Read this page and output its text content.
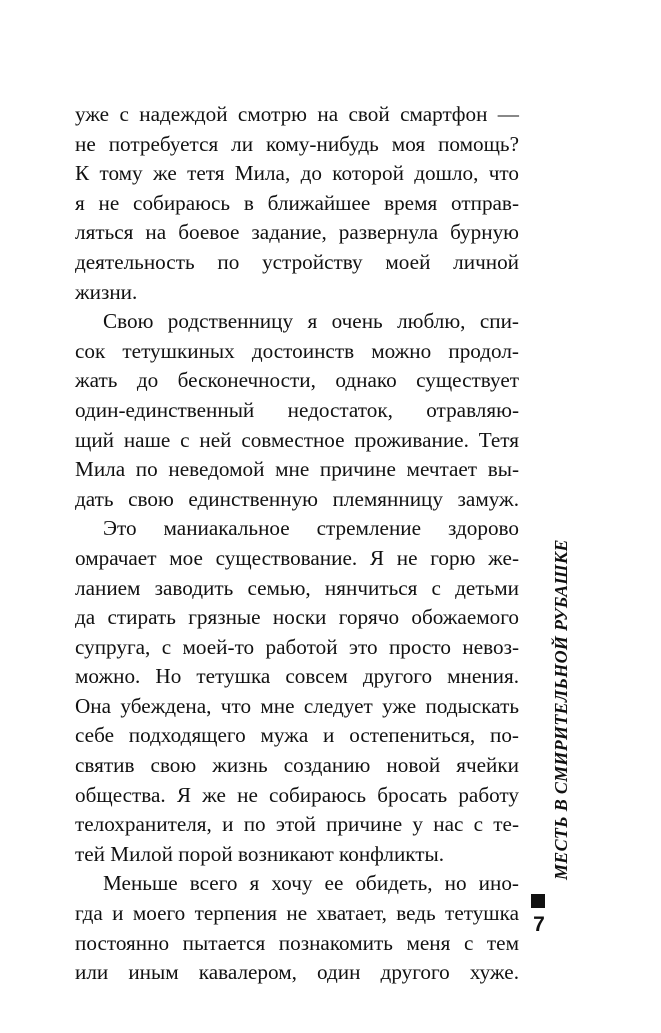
уже с надеждой смотрю на свой смартфон —
не потребуется ли кому-нибудь моя помощь?
К тому же тетя Мила, до которой дошло, что
я не собираюсь в ближайшее время отправ-
ляться на боевое задание, развернула бурную
деятельность по устройству моей личной
жизни.

Свою родственницу я очень люблю, спи-
сок тетушкиных достоинств можно продол-
жать до бесконечности, однако существует
один-единственный недостаток, отравляю-
щий наше с ней совместное проживание. Тетя
Мила по неведомой мне причине мечтает вы-
дать свою единственную племянницу замуж.

Это маниакальное стремление здорово
омрачает мое существование. Я не горю же-
ланием заводить семью, нянчиться с детьми
да стирать грязные носки горячо обожаемого
супруга, с моей-то работой это просто невоз-
можно. Но тетушка совсем другого мнения.
Она убеждена, что мне следует уже подыскать
себе подходящего мужа и остепениться, по-
святив свою жизнь созданию новой ячейки
общества. Я же не собираюсь бросать работу
телохранителя, и по этой причине у нас с те-
тей Милой порой возникают конфликты.

Меньше всего я хочу ее обидеть, но ино-
гда и моего терпения не хватает, ведь тетушка
постоянно пытается познакомить меня с тем
или иным кавалером, один другого хуже.

МЕСТЬ В СМИРИТЕЛЬНОЙ РУБАШКЕ
7
